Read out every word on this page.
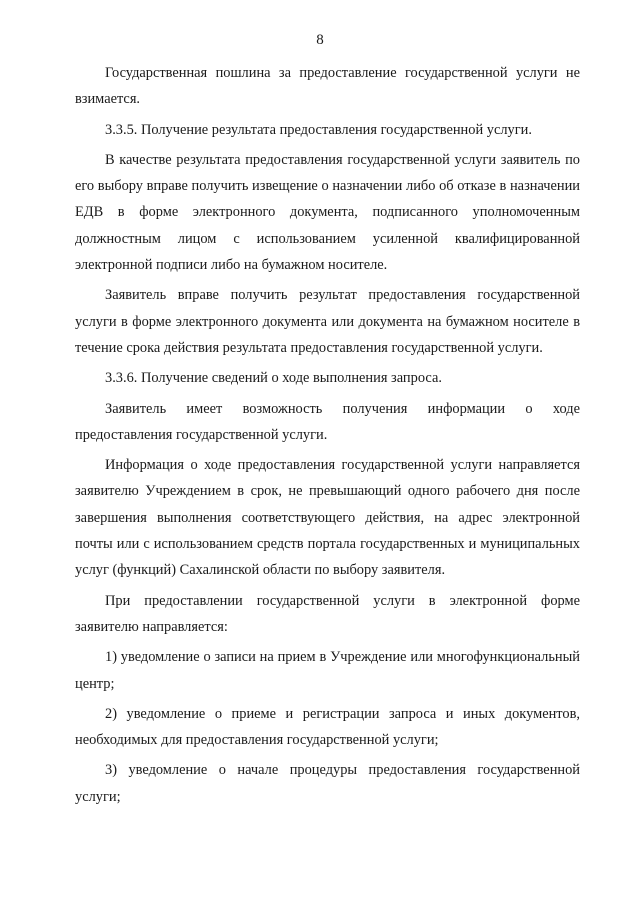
8

Государственная пошлина за предоставление государственной услуги не взимается.

3.3.5. Получение результата предоставления государственной услуги.

В качестве результата предоставления государственной услуги заявитель по его выбору вправе получить извещение о назначении либо об отказе в назначении ЕДВ в форме электронного документа, подписанного уполномоченным должностным лицом с использованием усиленной квалифицированной электронной подписи либо на бумажном носителе.

Заявитель вправе получить результат предоставления государственной услуги в форме электронного документа или документа на бумажном носителе в течение срока действия результата предоставления государственной услуги.

3.3.6. Получение сведений о ходе выполнения запроса.

Заявитель имеет возможность получения информации о ходе предоставления государственной услуги.

Информация о ходе предоставления государственной услуги направляется заявителю Учреждением в срок, не превышающий одного рабочего дня после завершения выполнения соответствующего действия, на адрес электронной почты или с использованием средств портала государственных и муниципальных услуг (функций) Сахалинской области по выбору заявителя.

При предоставлении государственной услуги в электронной форме заявителю направляется:

1) уведомление о записи на прием в Учреждение или многофункциональный центр;

2) уведомление о приеме и регистрации запроса и иных документов, необходимых для предоставления государственной услуги;

3) уведомление о начале процедуры предоставления государственной услуги;
